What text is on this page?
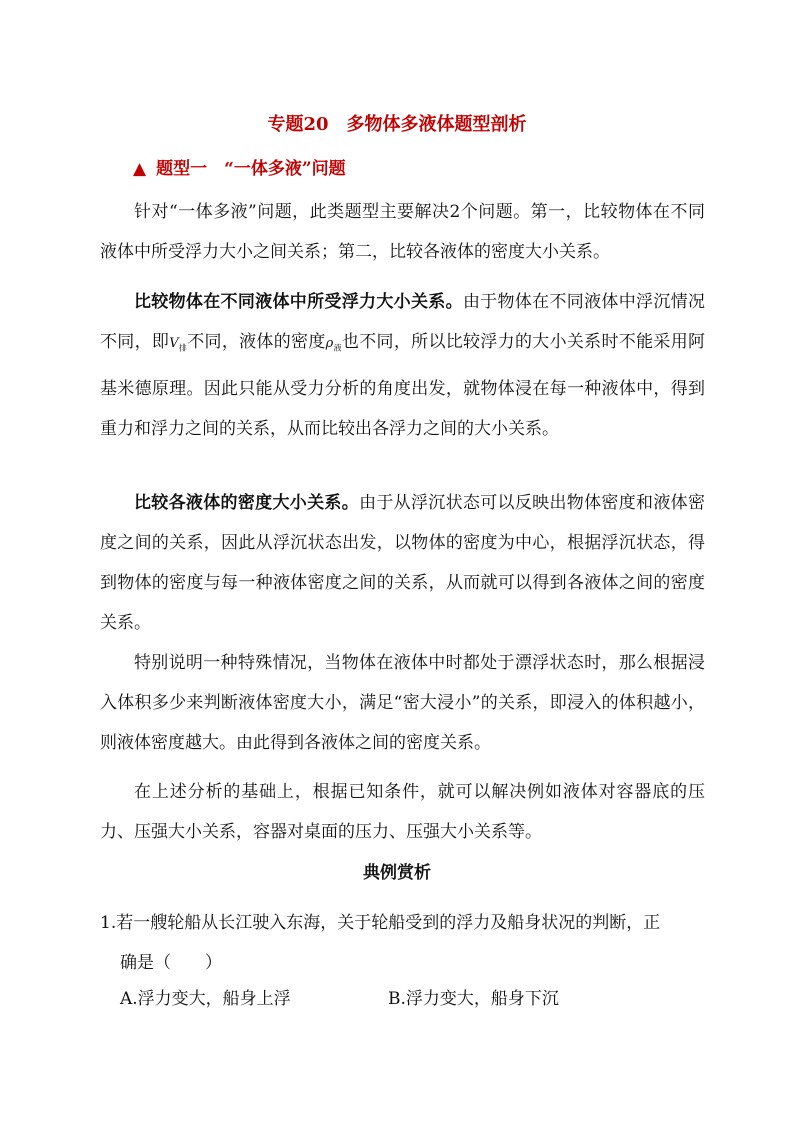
专题20　多物体多液体题型剖析
▲ 题型一　“一体多液”问题

针对“一体多液”问题，此类题型主要解决2个问题。第一，比较物体在不同液体中所受浮力大小之间关系；第二，比较各液体的密度大小关系。

比较物体在不同液体中所受浮力大小关系。由于物体在不同液体中浮沉情况不同，即$V_排$不同，液体的密度$\rho_液$也不同，所以比较浮力的大小关系时不能采用阿基米德原理。因此只能从受力分析的角度出发，就物体浸在每一种液体中，得到重力和浮力之间的关系，从而比较出各浮力之间的大小关系。

比较各液体的密度大小关系。由于从浮沉状态可以反映出物体密度和液体密度之间的关系，因此从浮沉状态出发，以物体的密度为中心，根据浮沉状态，得到物体的密度与每一种液体密度之间的关系，从而就可以得到各液体之间的密度关系。

特别说明一种特殊情况，当物体在液体中时都处于漂浮状态时，那么根据浸入体积多少来判断液体密度大小，满足“密大浸小”的关系，即浸入的体积越小，则液体密度越大。由此得到各液体之间的密度关系。

在上述分析的基础上，根据已知条件，就可以解决例如液体对容器底的压力、压强大小关系，容器对桌面的压力、压强大小关系等。

典例赏析
1.若一艘轮船从长江驶入东海，关于轮船受到的浮力及船身状况的判断，正
确是（　　）
A.浮力变大，船身上浮	B.浮力变大，船身下沉
